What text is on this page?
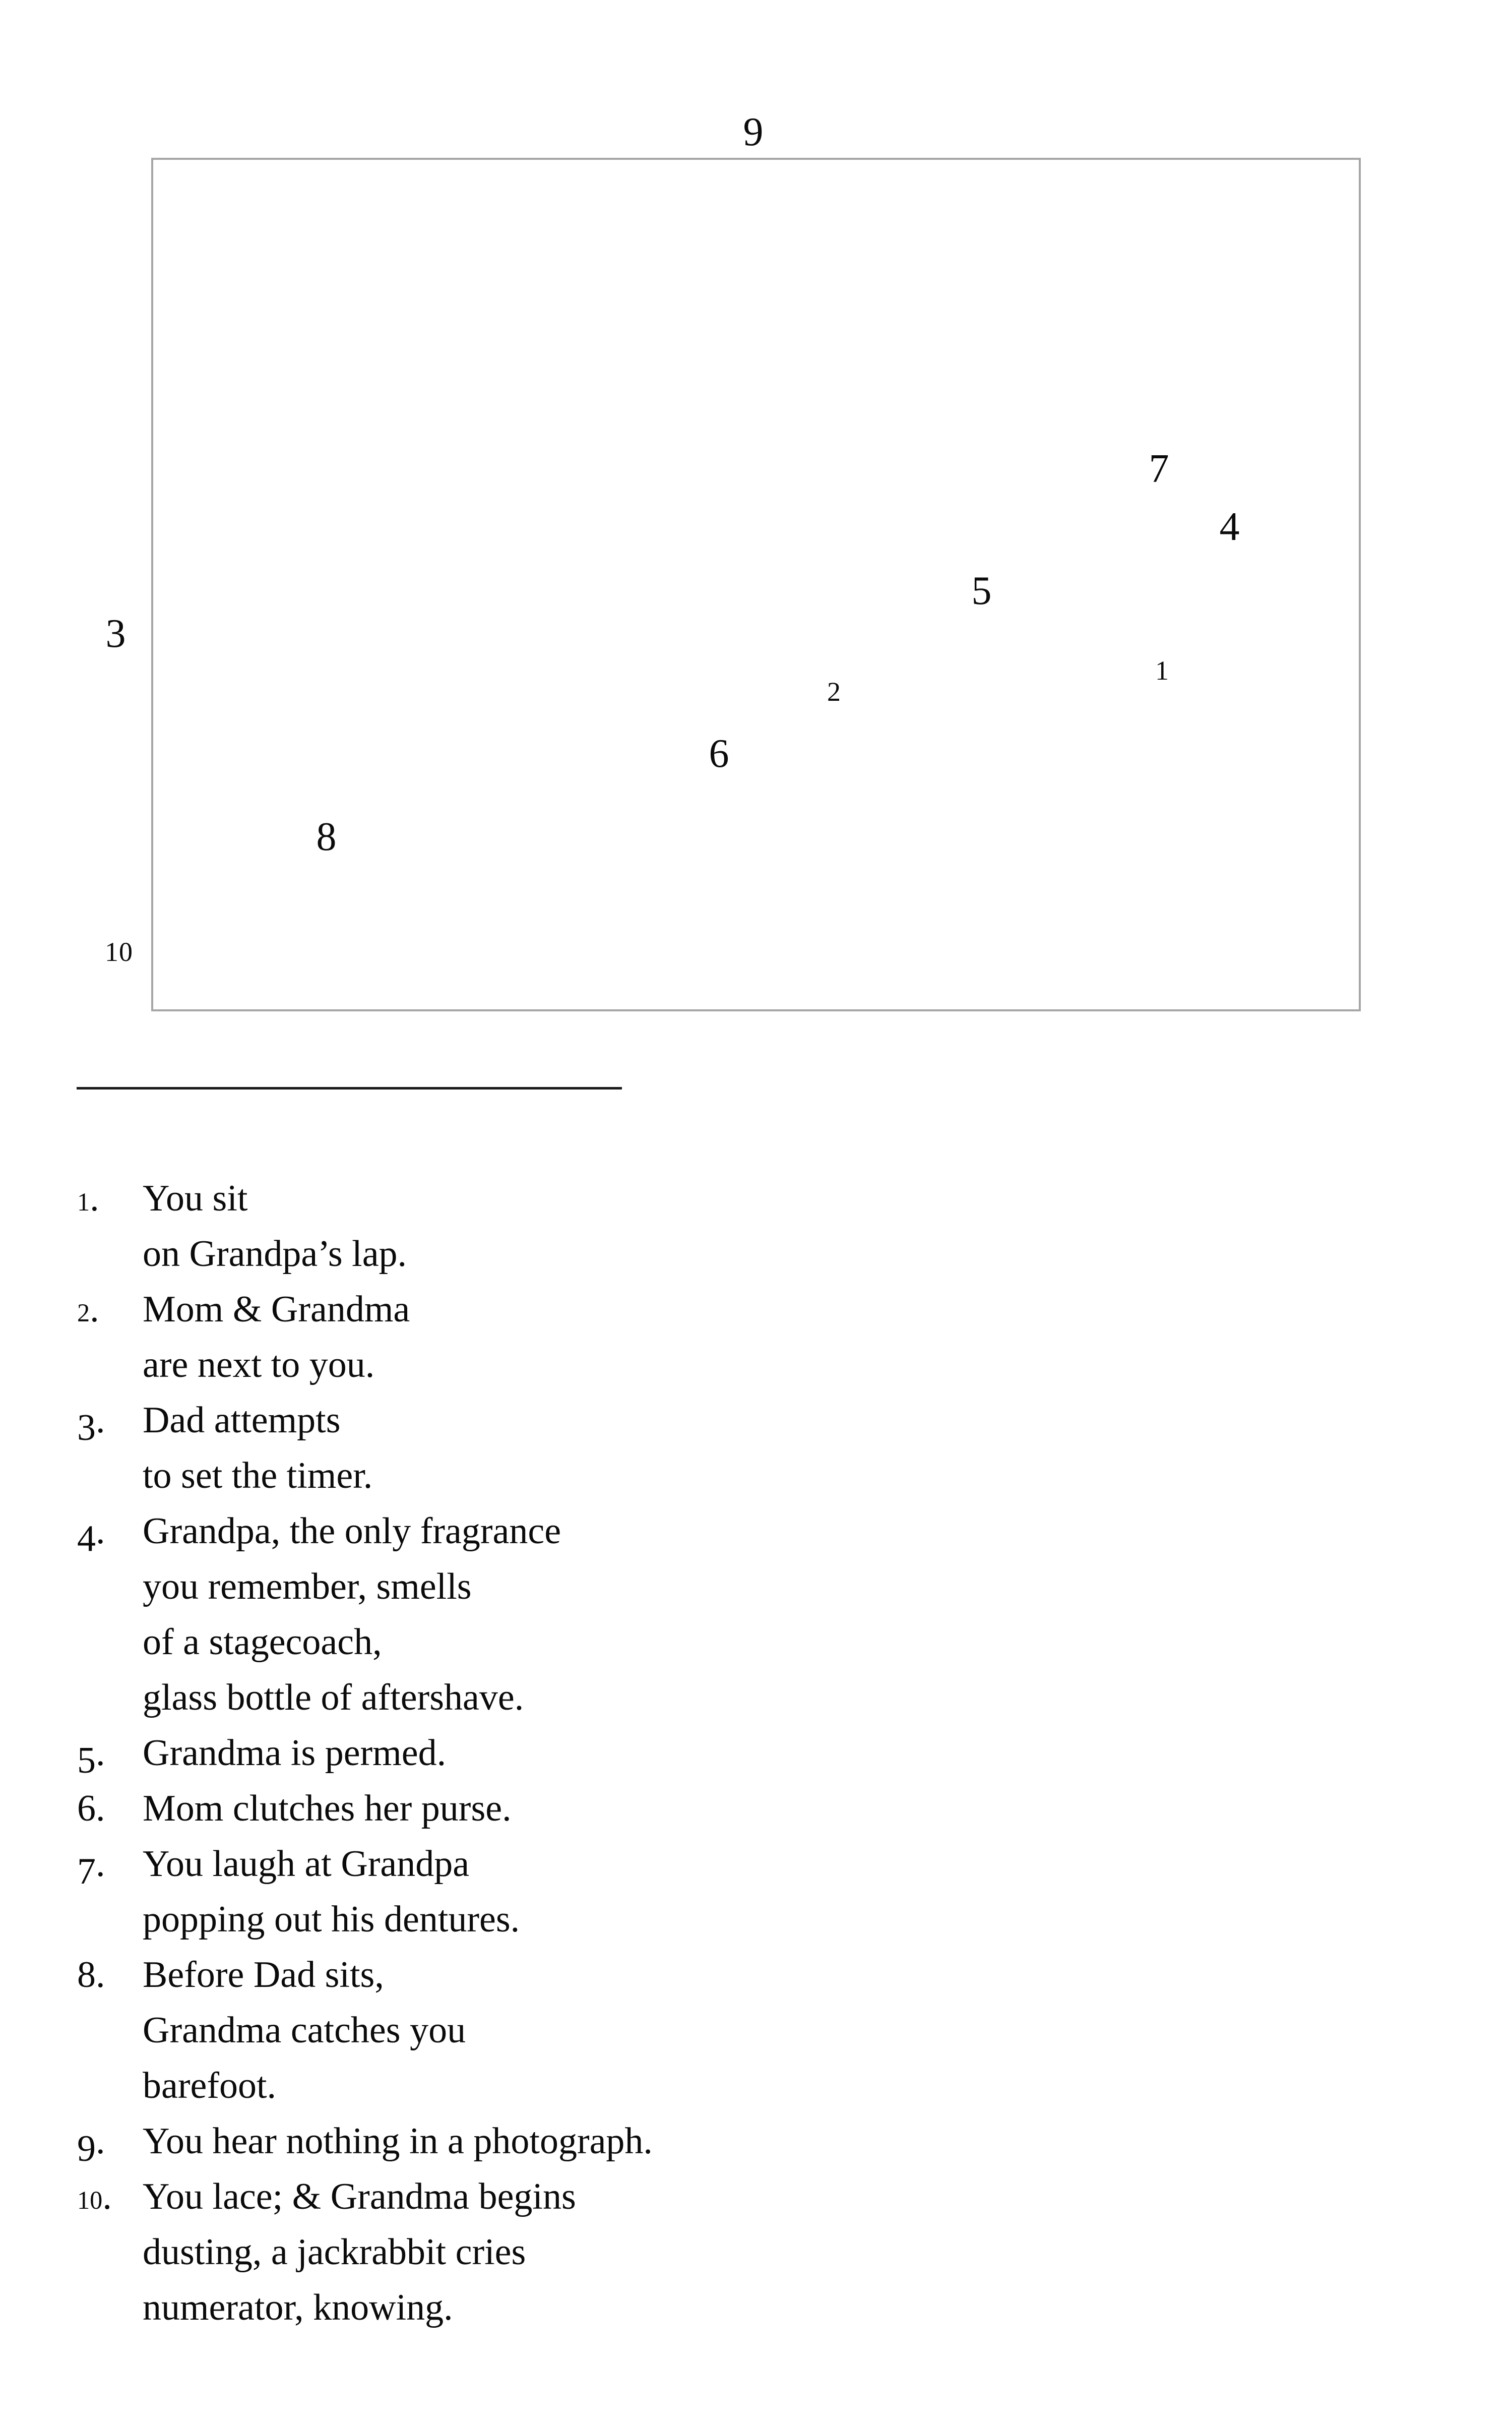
9
7
4
5
3
1
2
6
8
10
1. You sit
on Grandpa’s lap.
2. Mom & Grandma
are next to you.
3. Dad attempts
to set the timer.
4. Grandpa, the only fragrance
you remember, smells
of a stagecoach,
glass bottle of aftershave.
5. Grandma is permed.
6. Mom clutches her purse.
7. You laugh at Grandpa
popping out his dentures.
8. Before Dad sits,
Grandma catches you
barefoot.
9. You hear nothing in a photograph.
10. You lace; & Grandma begins
dusting, a jackrabbit cries
numerator, knowing.
